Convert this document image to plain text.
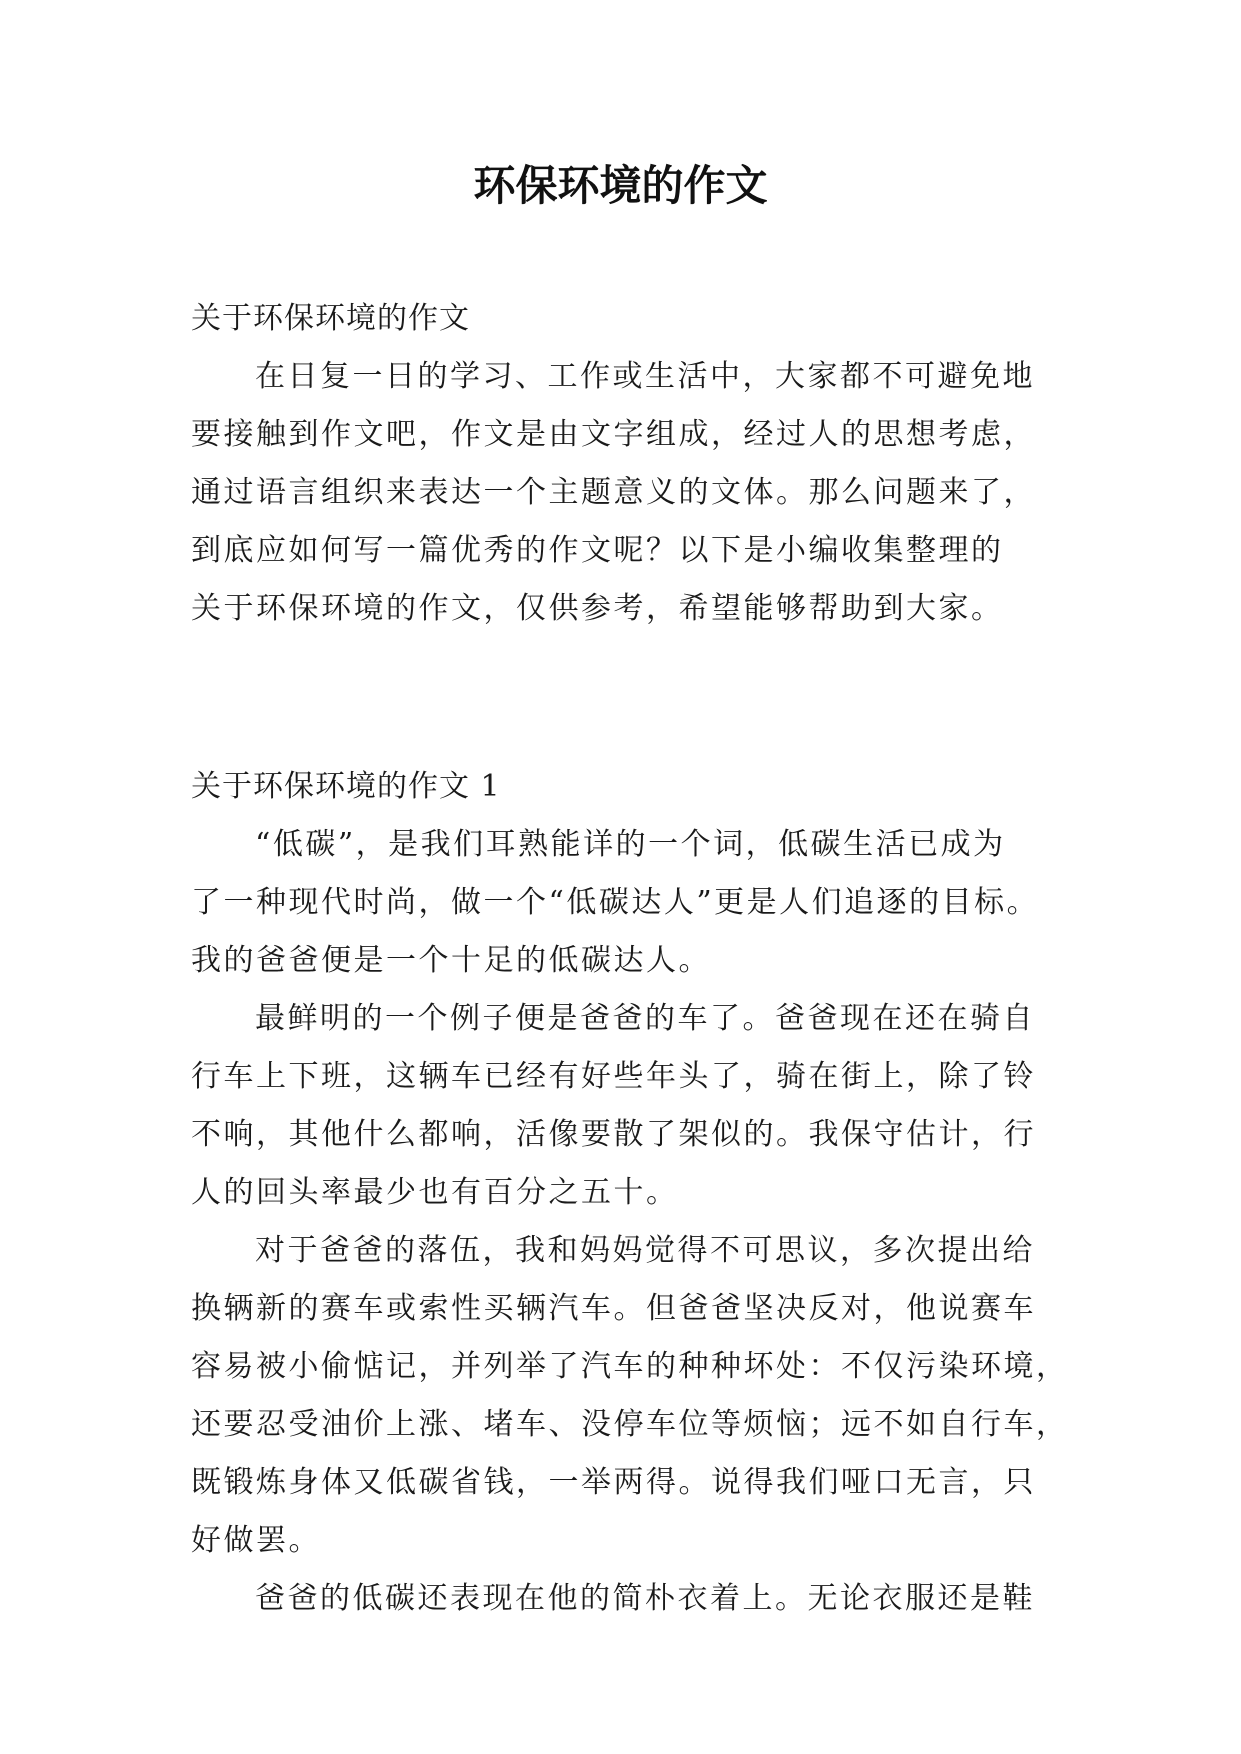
环保环境的作文
关于环保环境的作文
在日复一日的学习、工作或生活中，大家都不可避免地
要接触到作文吧，作文是由文字组成，经过人的思想考虑，
通过语言组织来表达一个主题意义的文体。那么问题来了，
到底应如何写一篇优秀的作文呢？以下是小编收集整理的
关于环保环境的作文，仅供参考，希望能够帮助到大家。
关于环保环境的作文 1
“低碳”，是我们耳熟能详的一个词，低碳生活已成为
了一种现代时尚，做一个“低碳达人”更是人们追逐的目标。
我的爸爸便是一个十足的低碳达人。
最鲜明的一个例子便是爸爸的车了。爸爸现在还在骑自
行车上下班，这辆车已经有好些年头了，骑在街上，除了铃
不响，其他什么都响，活像要散了架似的。我保守估计，行
人的回头率最少也有百分之五十。
对于爸爸的落伍，我和妈妈觉得不可思议，多次提出给
换辆新的赛车或索性买辆汽车。但爸爸坚决反对，他说赛车
容易被小偷惦记，并列举了汽车的种种坏处：不仅污染环境，
还要忍受油价上涨、堵车、没停车位等烦恼；远不如自行车，
既锻炼身体又低碳省钱，一举两得。说得我们哑口无言，只
好做罢。
爸爸的低碳还表现在他的简朴衣着上。无论衣服还是鞋
